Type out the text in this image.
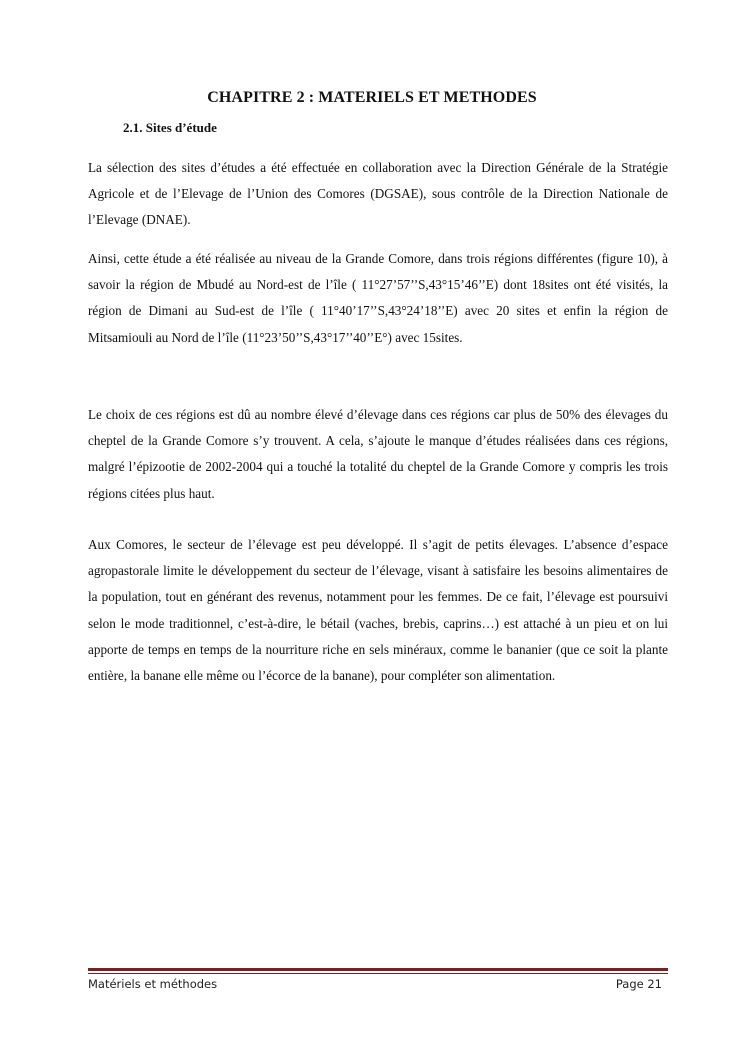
CHAPITRE 2 : MATERIELS ET METHODES
2.1. Sites d’étude

La sélection des sites d’études a été effectuée en collaboration avec la Direction Générale de la Stratégie Agricole et de l’Elevage de l’Union des Comores (DGSAE), sous contrôle de la Direction Nationale de l’Elevage (DNAE).

Ainsi, cette étude a été réalisée au niveau de la Grande Comore, dans trois régions différentes (figure 10), à savoir la région de Mbudé au Nord-est de l’île ( 11°27’57’’S,43°15’46’’E) dont 18sites ont été visités, la région de Dimani au Sud-est de l’île ( 11°40’17’’S,43°24’18’’E) avec 20 sites et enfin la région de Mitsamiouli au Nord de l’île (11°23’50’’S,43°17’’40’’E°) avec 15sites.

Le choix de ces régions est dû au nombre élevé d’élevage dans ces régions car plus de 50% des élevages du cheptel de la Grande Comore s’y trouvent. A cela, s’ajoute le manque d’études réalisées dans ces régions, malgré l’épizootie de 2002-2004 qui a touché la totalité du cheptel de la Grande Comore y compris les trois régions citées plus haut.

Aux Comores, le secteur de l’élevage est peu développé. Il s’agit de petits élevages. L’absence d’espace agropastorale limite le développement du secteur de l’élevage, visant à satisfaire les besoins alimentaires de la population, tout en générant des revenus, notamment pour les femmes. De ce fait, l’élevage est poursuivi selon le mode traditionnel, c’est-à-dire, le bétail (vaches, brebis, caprins…) est attaché à un pieu et on lui apporte de temps en temps de la nourriture riche en sels minéraux, comme le bananier (que ce soit la plante entière, la banane elle même ou l’écorce de la banane), pour compléter son alimentation.

Matériels et méthodes	Page 21
